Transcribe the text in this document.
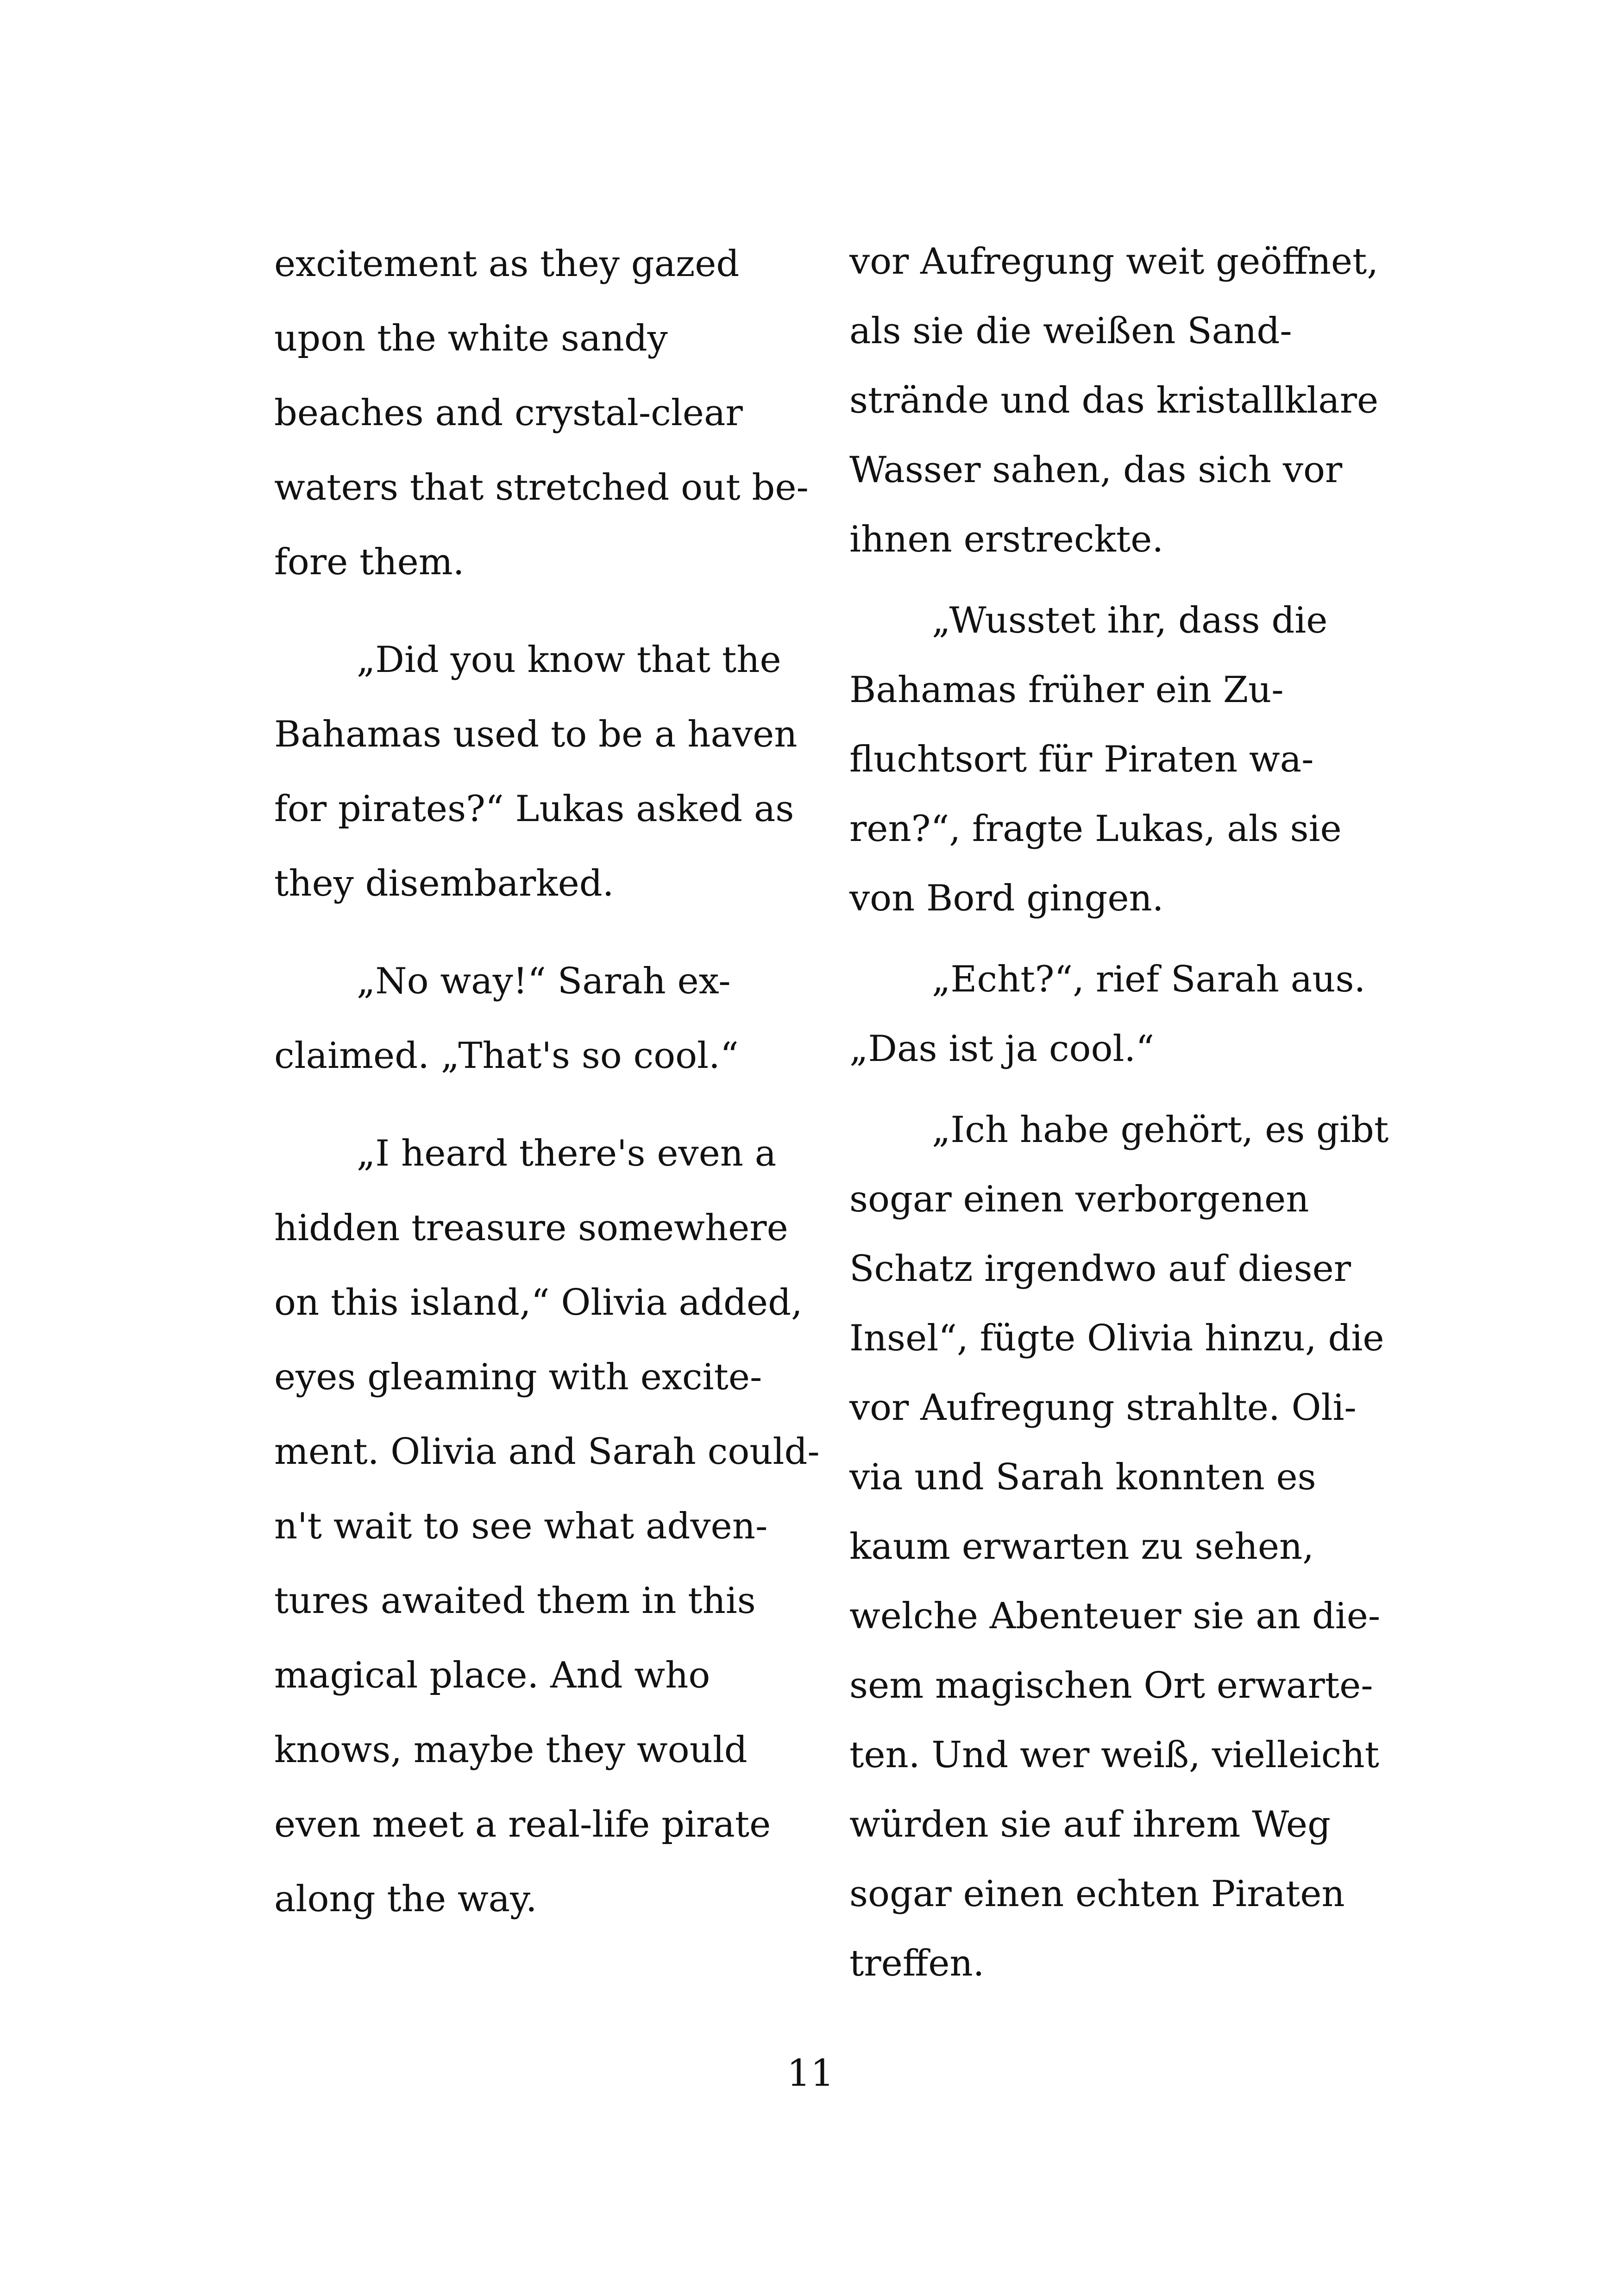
excitement as they gazed
upon the white sandy
beaches and crystal-clear
waters that stretched out be-
fore them.
„Did you know that the
Bahamas used to be a haven
for pirates?“ Lukas asked as
they disembarked.
„No way!“ Sarah ex-
claimed. „That's so cool.“
„I heard there's even a
hidden treasure somewhere
on this island,“ Olivia added,
eyes gleaming with excite-
ment. Olivia and Sarah could-
n't wait to see what adven-
tures awaited them in this
magical place. And who
knows, maybe they would
even meet a real-life pirate
along the way.
vor Aufregung weit geöffnet,
als sie die weißen Sand-
strände und das kristallklare
Wasser sahen, das sich vor
ihnen erstreckte.
„Wusstet ihr, dass die
Bahamas früher ein Zu-
fluchtsort für Piraten wa-
ren?“, fragte Lukas, als sie
von Bord gingen.
„Echt?“, rief Sarah aus.
„Das ist ja cool.“
„Ich habe gehört, es gibt
sogar einen verborgenen
Schatz irgendwo auf dieser
Insel“, fügte Olivia hinzu, die
vor Aufregung strahlte. Oli-
via und Sarah konnten es
kaum erwarten zu sehen,
welche Abenteuer sie an die-
sem magischen Ort erwarte-
ten. Und wer weiß, vielleicht
würden sie auf ihrem Weg
sogar einen echten Piraten
treffen.
11
